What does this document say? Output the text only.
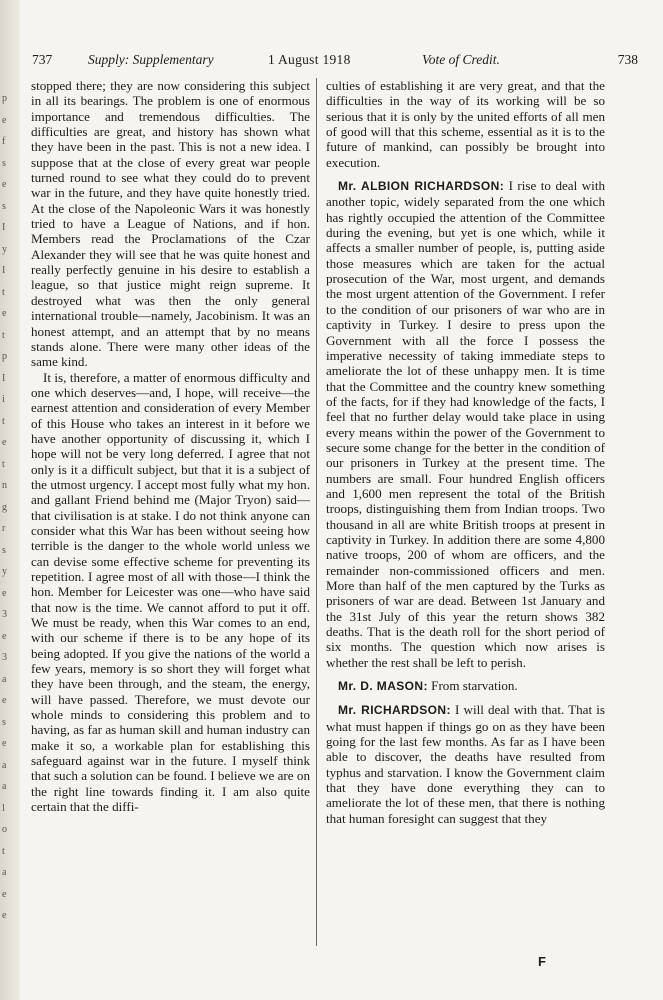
p
e
f
s
e
s
I
y
I
t
e
t
p
I
i
t
e
t
n
g
r
s
y
e
3
e
3
a
e
s
e
a
a
l
o
t
a
e
e
737	Supply: Supplementary	1 August 1918	Vote of Credit.	738

stopped there; they are now considering this subject in all its bearings. The problem is one of enormous importance and tremendous difficulties. The difficulties are great, and history has shown what they have been in the past. This is not a new idea. I suppose that at the close of every great war people turned round to see what they could do to prevent war in the future, and they have quite honestly tried. At the close of the Napoleonic Wars it was honestly tried to have a League of Nations, and if hon. Members read the Proclamations of the Czar Alexander they will see that he was quite honest and really perfectly genuine in his desire to establish a league, so that justice might reign supreme. It destroyed what was then the only general international trouble—namely, Jacobinism. It was an honest attempt, and an attempt that by no means stands alone. There were many other ideas of the same kind.

It is, therefore, a matter of enormous difficulty and one which deserves—and, I hope, will receive—the earnest attention and consideration of every Member of this House who takes an interest in it before we have another opportunity of discussing it, which I hope will not be very long deferred. I agree that not only is it a difficult subject, but that it is a subject of the utmost urgency. I accept most fully what my hon. and gallant Friend behind me (Major Tryon) said—that civilisation is at stake. I do not think anyone can consider what this War has been without seeing how terrible is the danger to the whole world unless we can devise some effective scheme for preventing its repetition. I agree most of all with those—I think the hon. Member for Leicester was one—who have said that now is the time. We cannot afford to put it off. We must be ready, when this War comes to an end, with our scheme if there is to be any hope of its being adopted. If you give the nations of the world a few years, memory is so short they will forget what they have been through, and the steam, the energy, will have passed. Therefore, we must devote our whole minds to considering this problem and to having, as far as human skill and human industry can make it so, a workable plan for establishing this safeguard against war in the future. I myself think that such a solution can be found. I believe we are on the right line towards finding it. I am also quite certain that the diffi-

culties of establishing it are very great, and that the difficulties in the way of its working will be so serious that it is only by the united efforts of all men of good will that this scheme, essential as it is to the future of mankind, can possibly be brought into execution.

Mr. ALBION RICHARDSON: I rise to deal with another topic, widely separated from the one which has rightly occupied the attention of the Committee during the evening, but yet is one which, while it affects a smaller number of people, is, putting aside those measures which are taken for the actual prosecution of the War, most urgent, and demands the most urgent attention of the Government. I refer to the condition of our prisoners of war who are in captivity in Turkey. I desire to press upon the Government with all the force I possess the imperative necessity of taking immediate steps to ameliorate the lot of these unhappy men. It is time that the Committee and the country knew something of the facts, for if they had knowledge of the facts, I feel that no further delay would take place in using every means within the power of the Government to secure some change for the better in the condition of our prisoners in Turkey at the present time. The numbers are small. Four hundred English officers and 1,600 men represent the total of the British troops, distinguishing them from Indian troops. Two thousand in all are white British troops at present in captivity in Turkey. In addition there are some 4,800 native troops, 200 of whom are officers, and the remainder non-commissioned officers and men. More than half of the men captured by the Turks as prisoners of war are dead. Between 1st January and the 31st July of this year the return shows 382 deaths. That is the death roll for the short period of six months. The question which now arises is whether the rest shall be left to perish.

Mr. D. MASON: From starvation.

Mr. RICHARDSON: I will deal with that. That is what must happen if things go on as they have been going for the last few months. As far as I have been able to discover, the deaths have resulted from typhus and starvation. I know the Government claim that they have done everything they can to ameliorate the lot of these men, that there is nothing that human foresight can suggest that they

F
